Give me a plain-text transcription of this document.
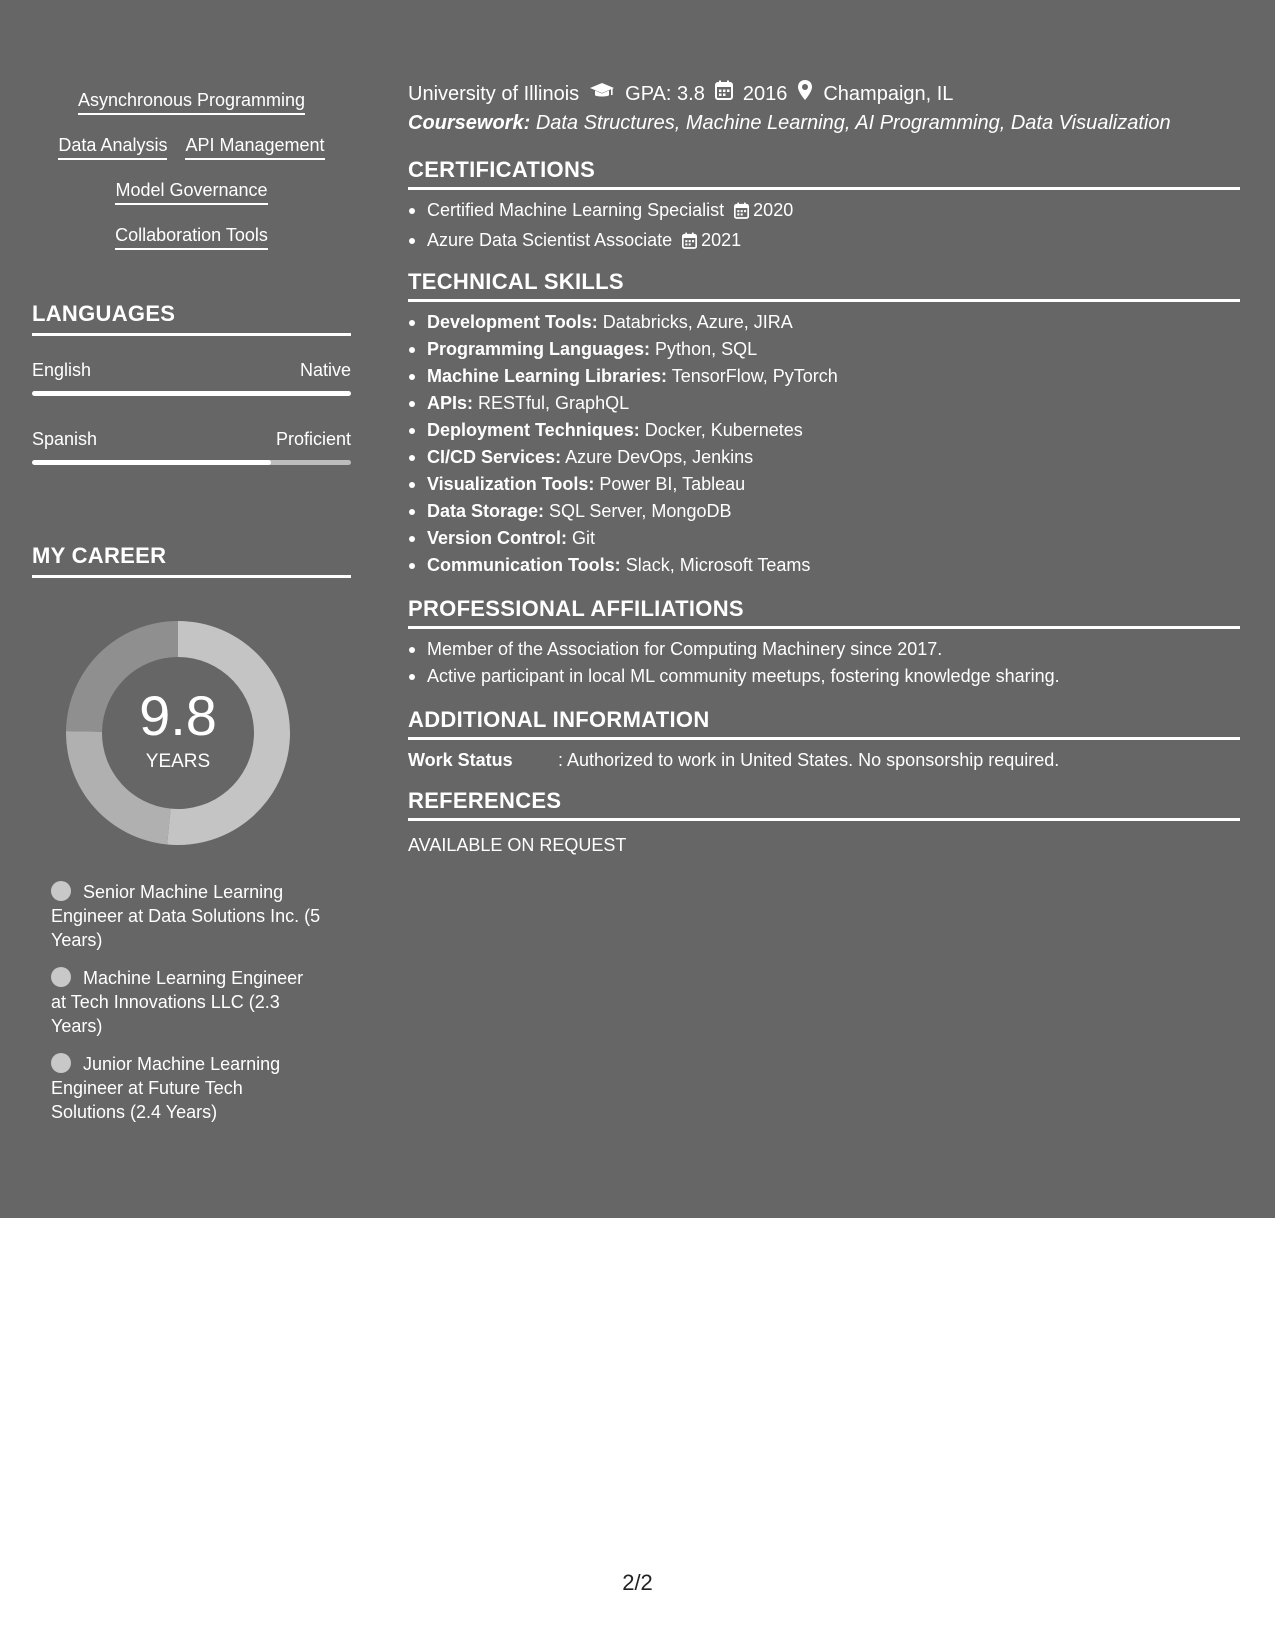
Asynchronous Programming
Data Analysis API Management
Model Governance
Collaboration Tools
LANGUAGES
English	Native
Spanish	Proficient
MY CAREER
9.8
YEARS
Senior Machine Learning Engineer at Data Solutions Inc. (5 Years)
Machine Learning Engineer at Tech Innovations LLC (2.3 Years)
Junior Machine Learning Engineer at Future Tech Solutions (2.4 Years)
University of Illinois GPA: 3.8 2016 Champaign, IL
Coursework: Data Structures, Machine Learning, AI Programming, Data Visualization
CERTIFICATIONS
Certified Machine Learning Specialist 2020
Azure Data Scientist Associate 2021
TECHNICAL SKILLS
Development Tools: Databricks, Azure, JIRA
Programming Languages: Python, SQL
Machine Learning Libraries: TensorFlow, PyTorch
APIs: RESTful, GraphQL
Deployment Techniques: Docker, Kubernetes
CI/CD Services: Azure DevOps, Jenkins
Visualization Tools: Power BI, Tableau
Data Storage: SQL Server, MongoDB
Version Control: Git
Communication Tools: Slack, Microsoft Teams
PROFESSIONAL AFFILIATIONS
Member of the Association for Computing Machinery since 2017.
Active participant in local ML community meetups, fostering knowledge sharing.
ADDITIONAL INFORMATION
Work Status	: Authorized to work in United States. No sponsorship required.
REFERENCES
AVAILABLE ON REQUEST
2/2
